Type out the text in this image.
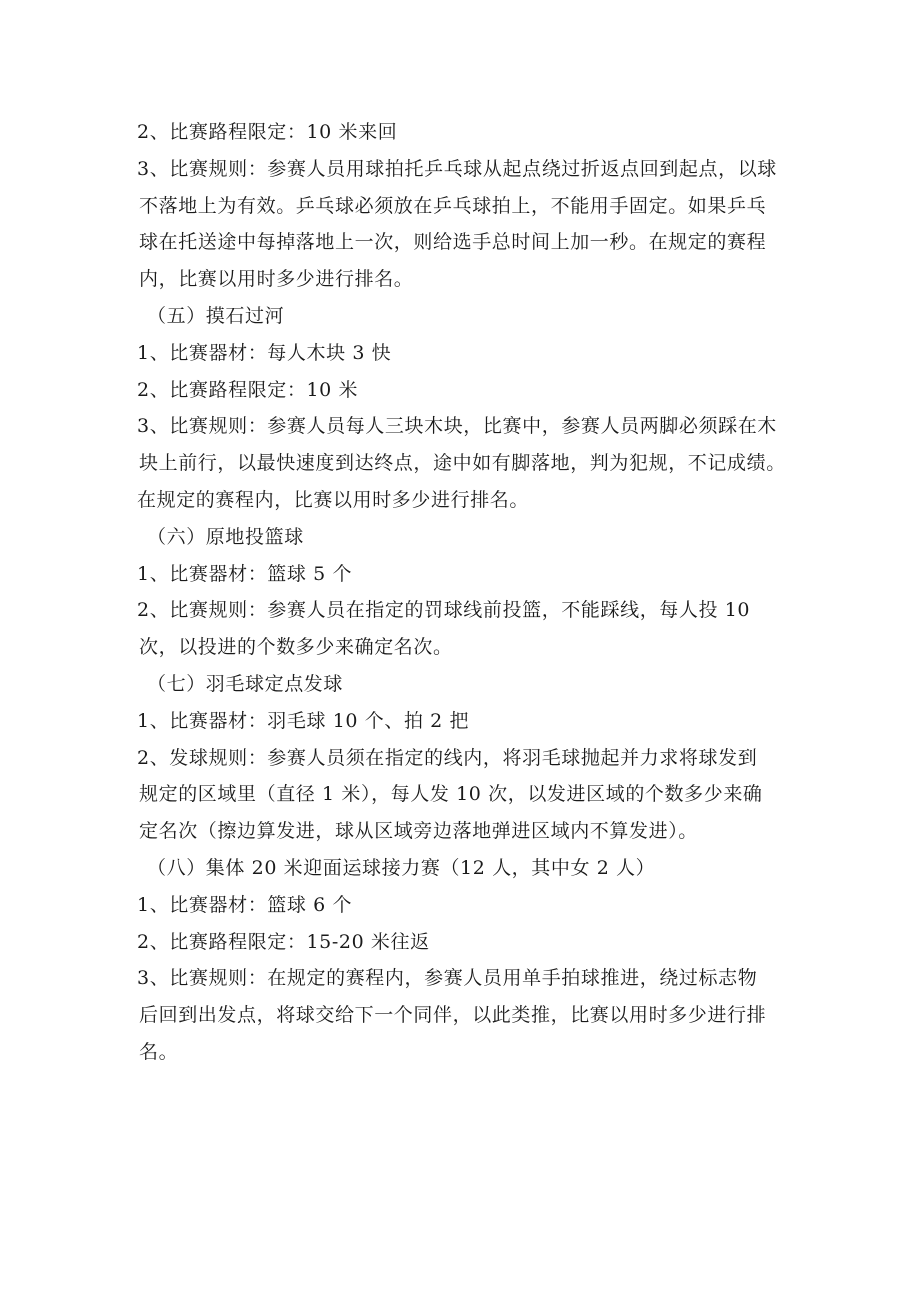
2、比赛路程限定：10 米来回
3、比赛规则：参赛人员用球拍托乒乓球从起点绕过折返点回到起点，以球
不落地上为有效。乒乓球必须放在乒乓球拍上，不能用手固定。如果乒乓
球在托送途中每掉落地上一次，则给选手总时间上加一秒。在规定的赛程
内，比赛以用时多少进行排名。
（五）摸石过河
1、比赛器材：每人木块 3 快
2、比赛路程限定：10 米
3、比赛规则：参赛人员每人三块木块，比赛中，参赛人员两脚必须踩在木
块上前行，以最快速度到达终点，途中如有脚落地，判为犯规，不记成绩。
在规定的赛程内，比赛以用时多少进行排名。
（六）原地投篮球
1、比赛器材：篮球 5 个
2、比赛规则：参赛人员在指定的罚球线前投篮，不能踩线，每人投 10
次，以投进的个数多少来确定名次。
（七）羽毛球定点发球
1、比赛器材：羽毛球 10 个、拍 2 把
2、发球规则：参赛人员须在指定的线内，将羽毛球抛起并力求将球发到
规定的区域里（直径 1 米），每人发 10 次，以发进区域的个数多少来确
定名次（擦边算发进，球从区域旁边落地弹进区域内不算发进）。
（八）集体 20 米迎面运球接力赛（12 人，其中女 2 人）
1、比赛器材：篮球 6 个
2、比赛路程限定：15-20 米往返
3、比赛规则：在规定的赛程内，参赛人员用单手拍球推进，绕过标志物
后回到出发点，将球交给下一个同伴，以此类推，比赛以用时多少进行排
名。
